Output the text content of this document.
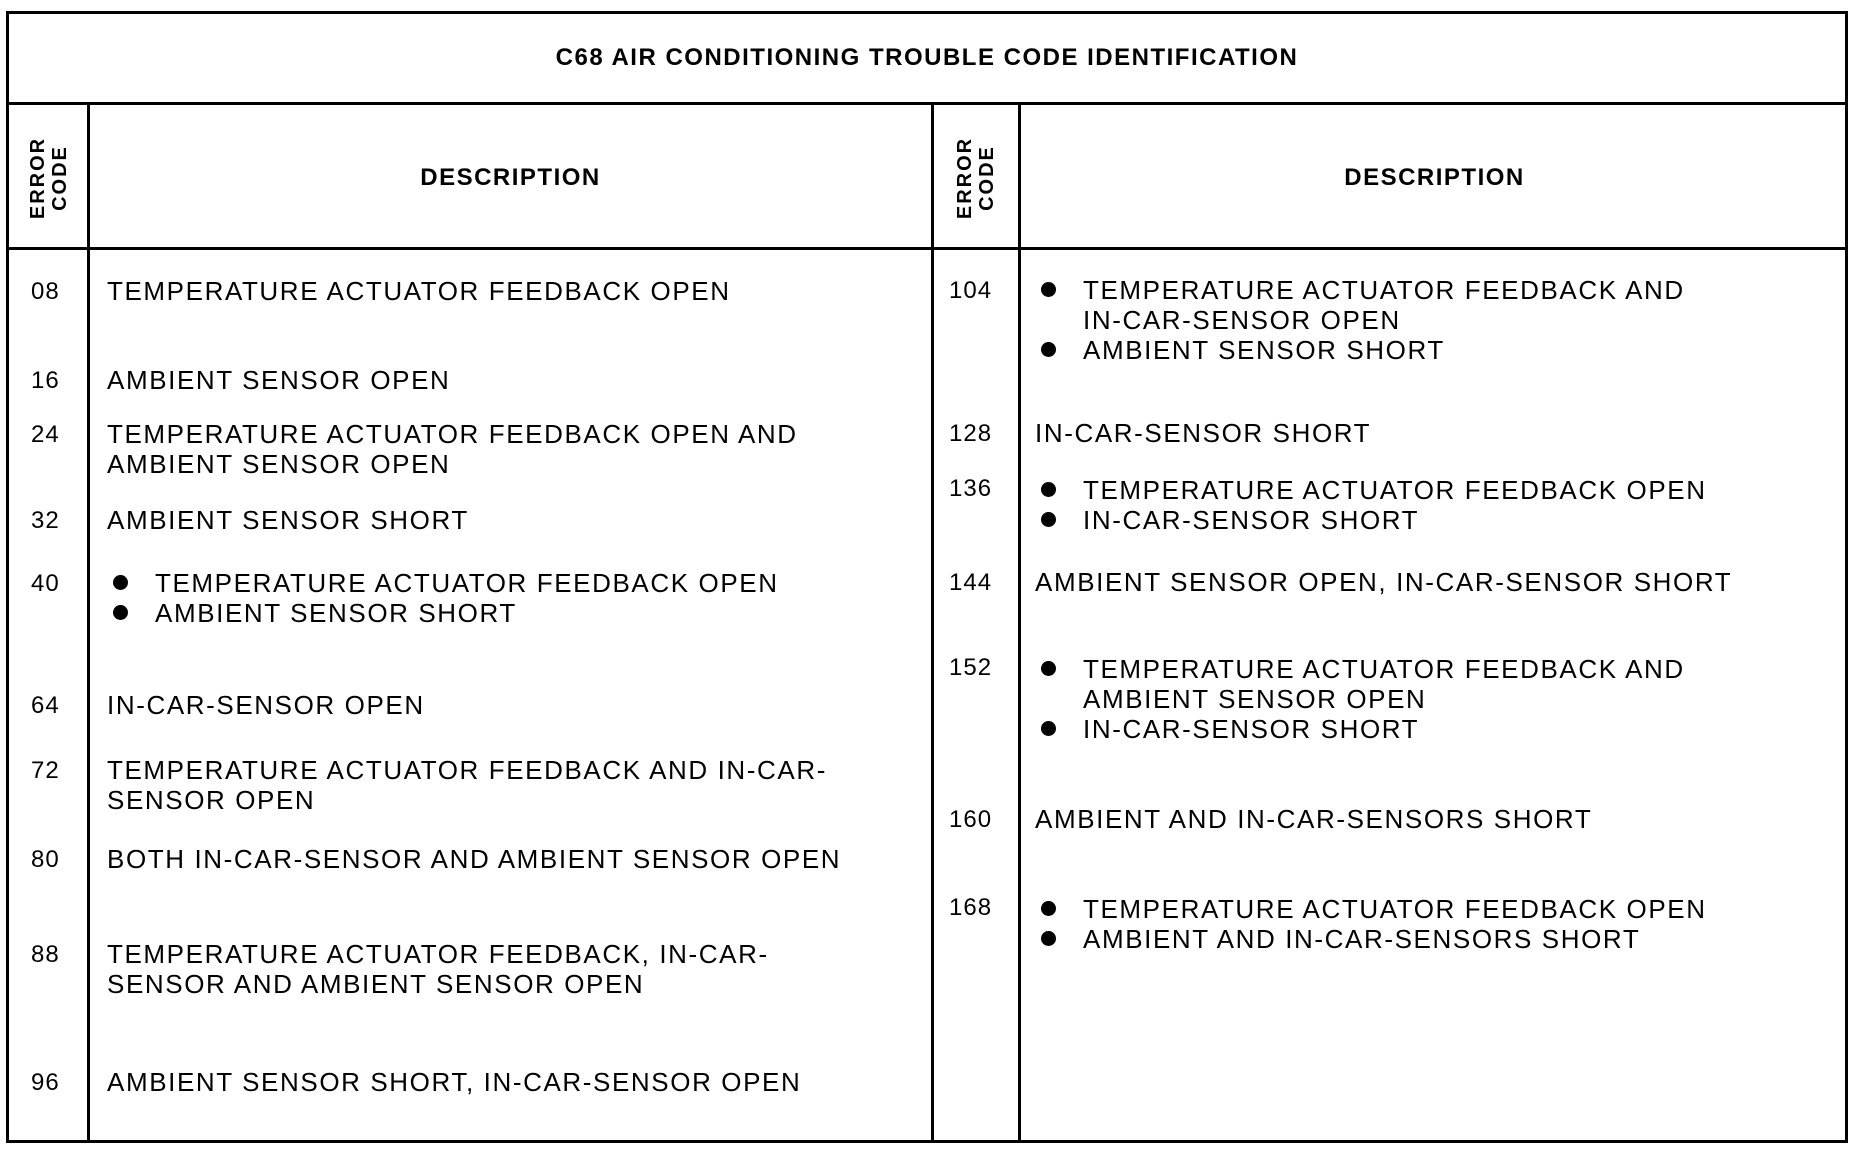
C68 AIR CONDITIONING TROUBLE CODE IDENTIFICATION
ERROR
CODE	DESCRIPTION	ERROR
CODE	DESCRIPTION
08 TEMPERATURE ACTUATOR FEEDBACK OPEN
16 AMBIENT SENSOR OPEN
24 TEMPERATURE ACTUATOR FEEDBACK OPEN AND
AMBIENT SENSOR OPEN
32 AMBIENT SENSOR SHORT
40	TEMPERATURE ACTUATOR FEEDBACK OPEN
AMBIENT SENSOR SHORT
64 IN-CAR-SENSOR OPEN
72 TEMPERATURE ACTUATOR FEEDBACK AND IN-CAR-
SENSOR OPEN
80 BOTH IN-CAR-SENSOR AND AMBIENT SENSOR OPEN
88 TEMPERATURE ACTUATOR FEEDBACK, IN-CAR-
SENSOR AND AMBIENT SENSOR OPEN
96 AMBIENT SENSOR SHORT, IN-CAR-SENSOR OPEN
104	TEMPERATURE ACTUATOR FEEDBACK AND
IN-CAR-SENSOR OPEN
AMBIENT SENSOR SHORT
128 IN-CAR-SENSOR SHORT
136	TEMPERATURE ACTUATOR FEEDBACK OPEN
IN-CAR-SENSOR SHORT
144 AMBIENT SENSOR OPEN, IN-CAR-SENSOR SHORT
152	TEMPERATURE ACTUATOR FEEDBACK AND
AMBIENT SENSOR OPEN
IN-CAR-SENSOR SHORT
160 AMBIENT AND IN-CAR-SENSORS SHORT
168	TEMPERATURE ACTUATOR FEEDBACK OPEN
AMBIENT AND IN-CAR-SENSORS SHORT
